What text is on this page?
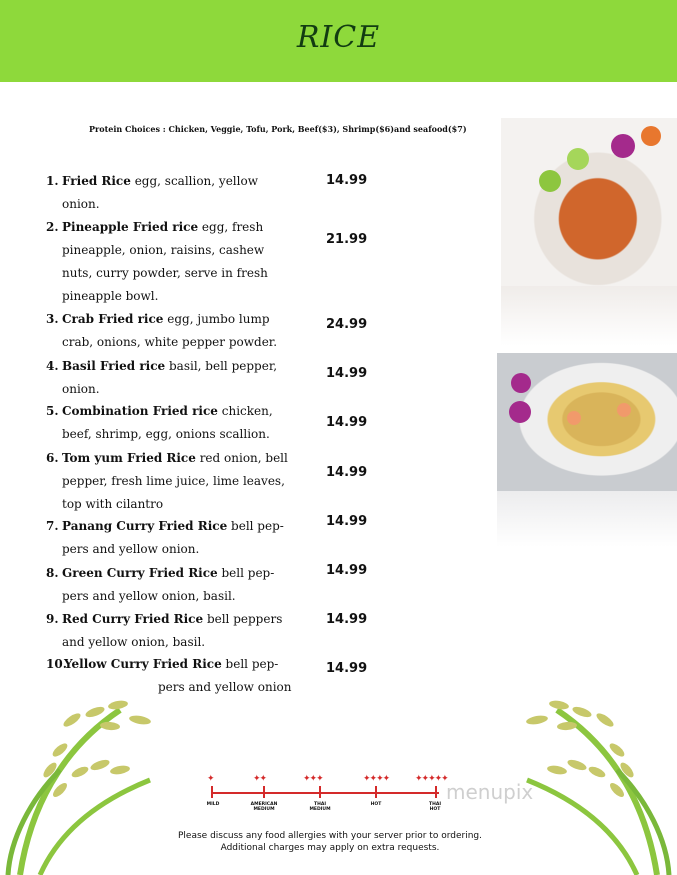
RICE
Protein Choices : Chicken, Veggie, Tofu, Pork, Beef($3), Shrimp($6)and seafood($7)
1. Fried Rice egg, scallion, yellow onion.
14.99
2. Pineapple Fried rice egg, fresh pineapple, onion, raisins, cashew nuts, curry powder, serve in fresh pineapple bowl.
21.99
3. Crab Fried rice egg, jumbo lump crab, onions, white pepper powder.
24.99
4. Basil Fried rice basil, bell pepper, onion.
14.99
5. Combination Fried rice chicken, beef, shrimp, egg, onions scallion.
14.99
6. Tom yum Fried Rice red onion, bell pepper, fresh lime juice, lime leaves, top with cilantro
14.99
7. Panang Curry Fried Rice bell pep-pers and yellow onion.
14.99
8. Green Curry Fried Rice bell pep-pers and yellow onion, basil.
14.99
9. Red Curry Fried Rice bell peppers and yellow onion, basil.
14.99
10.
Yellow Curry Fried Rice bell pep-
pers and yellow onion
14.99
✦	✦✦	✦✦✦	✦✦✦✦	✦✦✦✦✦
MILD	AMERICAN MEDIUM
THAI MEDIUM
HOT	THAI HOT
menupix
Please discuss any food allergies with your server prior to ordering.
Additional charges may apply on extra requests.
